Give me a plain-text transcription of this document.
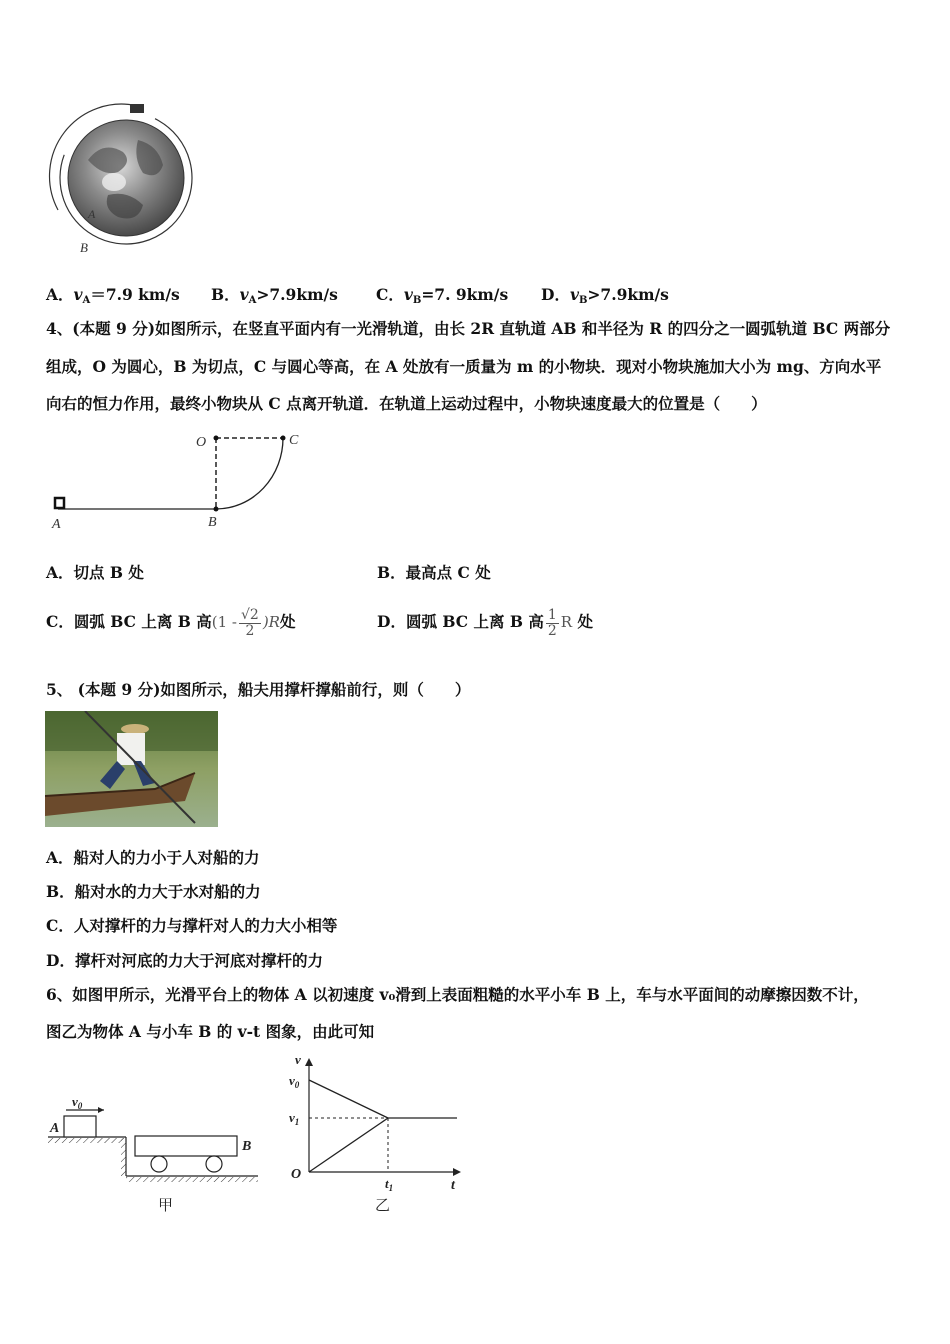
A
B
A．$v_A=7.9$ km/s B．$v_A>7.9km/s$ C．$v_B=7$. 9km/s D．$v_B>7.9km/s$
4、(本题 9 分)如图所示，在竖直平面内有一光滑轨道，由长 2R 直轨道 AB 和半径为 R 的四分之一圆弧轨道 BC 两部分
组成，O 为圆心，B 为切点，C 与圆心等高，在 A 处放有一质量为 m 的小物块．现对小物块施加大小为 mg、方向水平
向右的恒力作用，最终小物块从 C 点离开轨道．在轨道上运动过程中，小物块速度最大的位置是（　　）
O	C
A	B
A．切点 B 处	B．最高点 C 处
C．圆弧 BC 上离 B 高$(1 - \frac{√2}{2} )R$处	D．圆弧 BC 上离 B 高 $\frac{1}{2}$ R 处
5、 (本题 9 分)如图所示，船夫用撑杆撑船前行，则（　　）
A．船对人的力小于人对船的力
B．船对水的力大于水对船的力
C．人对撑杆的力与撑杆对人的力大小相等
D．撑杆对河底的力大于河底对撑杆的力
6、如图甲所示，光滑平台上的物体 A 以初速度 v₀滑到上表面粗糙的水平小车 B 上，车与水平面间的动摩擦因数不计，
图乙为物体 A 与小车 B 的 v-t 图象，由此可知
$v_0$
A
B
甲
v
$v_0$
$v_1$
O
$t_1$	t
乙
